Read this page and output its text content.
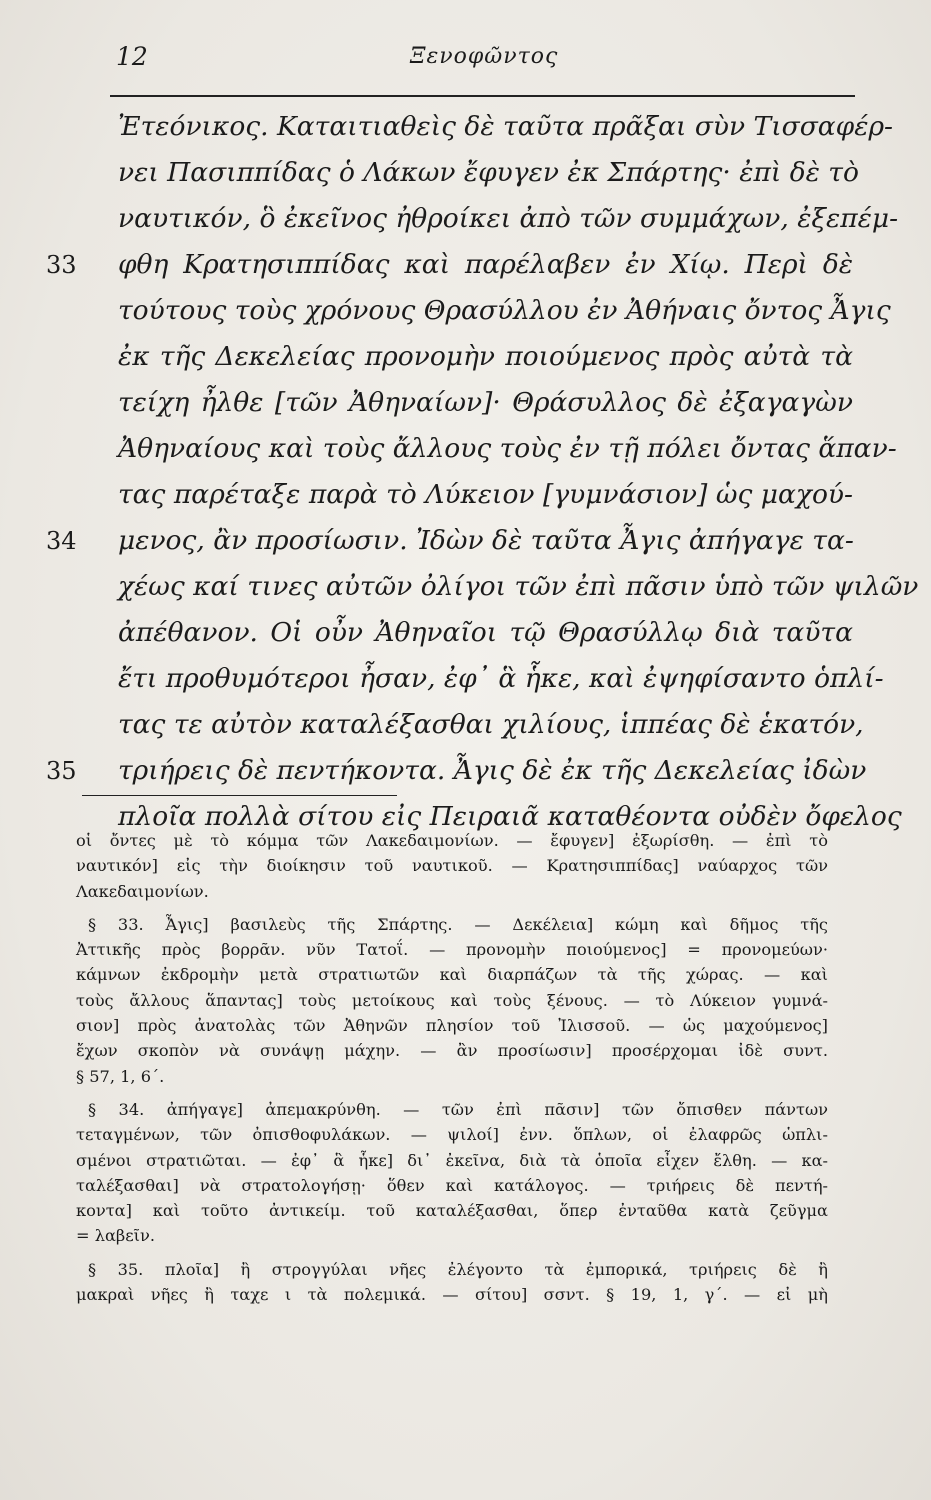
12	Ξενοφῶντος
Ἐτεόνικος. Καταιτιαθεὶς δὲ ταῦτα πρᾶξαι σὺν Τισσαφέρ-
νει Πασιππίδας ὁ Λάκων ἔφυγεν ἐκ Σπάρτης· ἐπὶ δὲ τὸ
ναυτικόν, ὃ ἐκεῖνος ἠθροίκει ἀπὸ τῶν συμμάχων, ἐξεπέμ-
33	φθη Κρατησιππίδας καὶ παρέλαβεν ἐν Χίῳ. Περὶ δὲ
τούτους τοὺς χρόνους Θρασύλλου ἐν Ἀθήναις ὄντος Ἆγις
ἐκ τῆς Δεκελείας προνομὴν ποιούμενος πρὸς αὐτὰ τὰ
τείχη ἦλθε [τῶν Ἀθηναίων]· Θράσυλλος δὲ ἐξαγαγὼν
Ἀθηναίους καὶ τοὺς ἄλλους τοὺς ἐν τῇ πόλει ὄντας ἅπαν-
τας παρέταξε παρὰ τὸ Λύκειον [γυμνάσιον] ὡς μαχού-
34	μενος, ἂν προσίωσιν. Ἰδὼν δὲ ταῦτα Ἆγις ἀπήγαγε τα-
χέως καί τινες αὐτῶν ὀλίγοι τῶν ἐπὶ πᾶσιν ὑπὸ τῶν ψιλῶν
ἀπέθανον. Οἱ οὖν Ἀθηναῖοι τῷ Θρασύλλῳ διὰ ταῦτα
ἔτι προθυμότεροι ἦσαν, ἐφ᾽ ἃ ἧκε, καὶ ἐψηφίσαντο ὁπλί-
τας τε αὐτὸν καταλέξασθαι χιλίους, ἱππέας δὲ ἑκατόν,
35	τριήρεις δὲ πεντήκοντα. Ἆγις δὲ ἐκ τῆς Δεκελείας ἰδὼν
πλοῖα πολλὰ σίτου εἰς Πειραιᾶ καταθέοντα οὐδὲν ὄφελος
οἱ ὄντες μὲ τὸ κόμμα τῶν Λακεδαιμονίων. — ἔφυγεν] ἐξωρίσθη. — ἐπὶ τὸ
ναυτικόν] εἰς τὴν διοίκησιν τοῦ ναυτικοῦ. — Κρατησιππίδας] ναύαρχος τῶν
Λακεδαιμονίων.
§ 33. Ἆγις] βασιλεὺς τῆς Σπάρτης. — Δεκέλεια] κώμη καὶ δῆμος τῆς
Ἀττικῆς πρὸς βορρᾶν. νῦν Τατοΐ. — προνομὴν ποιούμενος] = προνομεύων·
κάμνων ἐκδρομὴν μετὰ στρατιωτῶν καὶ διαρπάζων τὰ τῆς χώρας. — καὶ
τοὺς ἄλλους ἅπαντας] τοὺς μετοίκους καὶ τοὺς ξένους. — τὸ Λύκειον γυμνά-
σιον] πρὸς ἀνατολὰς τῶν Ἀθηνῶν πλησίον τοῦ Ἰλισσοῦ. — ὡς μαχούμενος]
ἔχων σκοπὸν νὰ συνάψῃ μάχην. — ἂν προσίωσιν] προσέρχομαι ἰδὲ συντ.
§ 57, 1, 6΄.
§ 34. ἀπήγαγε] ἀπεμακρύνθη. — τῶν ἐπὶ πᾶσιν] τῶν ὄπισθεν πάντων
τεταγμένων, τῶν ὀπισθοφυλάκων. — ψιλοί] ἐνν. ὅπλων, οἱ ἐλαφρῶς ὡπλι-
σμένοι στρατιῶται. — ἐφ᾽ ἃ ἧκε] δι᾽ ἐκεῖνα, διὰ τὰ ὁποῖα εἶχεν ἔλθη. — κα-
ταλέξασθαι] νὰ στρατολογήσῃ· ὅθεν καὶ κατάλογος. — τριήρεις δὲ πεντή-
κοντα] καὶ τοῦτο ἀντικείμ. τοῦ καταλέξασθαι, ὅπερ ἐνταῦθα κατὰ ζεῦγμα
= λαβεῖν.
§ 35. πλοῖα] ἢ στρογγύλαι νῆες ἐλέγοντο τὰ ἐμπορικά, τριήρεις δὲ ἢ
μακραὶ νῆες ἢ ταχε ι τὰ πολεμικά. — σίτου] σσντ. § 19, 1, γ΄. — εἰ μὴ
